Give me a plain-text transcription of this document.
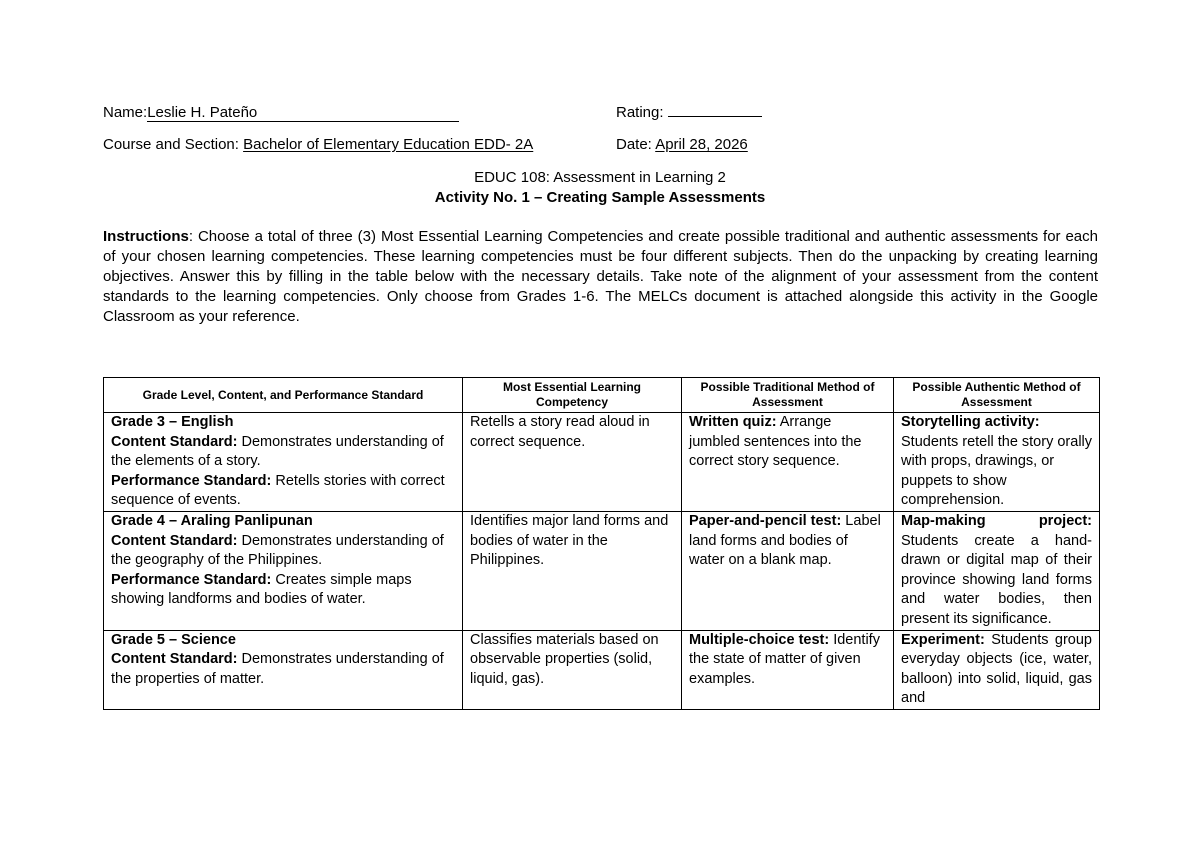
Name:Leslie H. Pateño	Rating:
Course and Section: Bachelor of Elementary Education EDD- 2A	Date: April 28, 2026
EDUC 108: Assessment in Learning 2
Activity No. 1 – Creating Sample Assessments
Instructions: Choose a total of three (3) Most Essential Learning Competencies and create possible traditional and authentic assessments for each of your chosen learning competencies. These learning competencies must be four different subjects. Then do the unpacking by creating learning objectives. Answer this by filling in the table below with the necessary details. Take note of the alignment of your assessment from the content standards to the learning competencies. Only choose from Grades 1-6. The MELCs document is attached alongside this activity in the Google Classroom as your reference.
Grade Level, Content, and Performance Standard	Most Essential Learning Competency	Possible Traditional Method of Assessment	Possible Authentic Method of Assessment

Grade 3 – English
Content Standard: Demonstrates understanding of the elements of a story.
Performance Standard: Retells stories with correct sequence of events.	Retells a story read aloud in correct sequence.	Written quiz: Arrange jumbled sentences into the correct story sequence.	Storytelling activity: Students retell the story orally with props, drawings, or puppets to show comprehension.

Grade 4 – Araling Panlipunan
Content Standard: Demonstrates understanding of the geography of the Philippines.
Performance Standard: Creates simple maps showing landforms and bodies of water.	Identifies major land forms and bodies of water in the Philippines.	Paper-and-pencil test: Label land forms and bodies of water on a blank map.	Map-making project: Students create a hand-drawn or digital map of their province showing land forms and water bodies, then present its significance.

Grade 5 – Science
Content Standard: Demonstrates understanding of the properties of matter.	Classifies materials based on observable properties (solid, liquid, gas).	Multiple-choice test: Identify the state of matter of given examples.	Experiment: Students group everyday objects (ice, water, balloon) into solid, liquid, gas and
